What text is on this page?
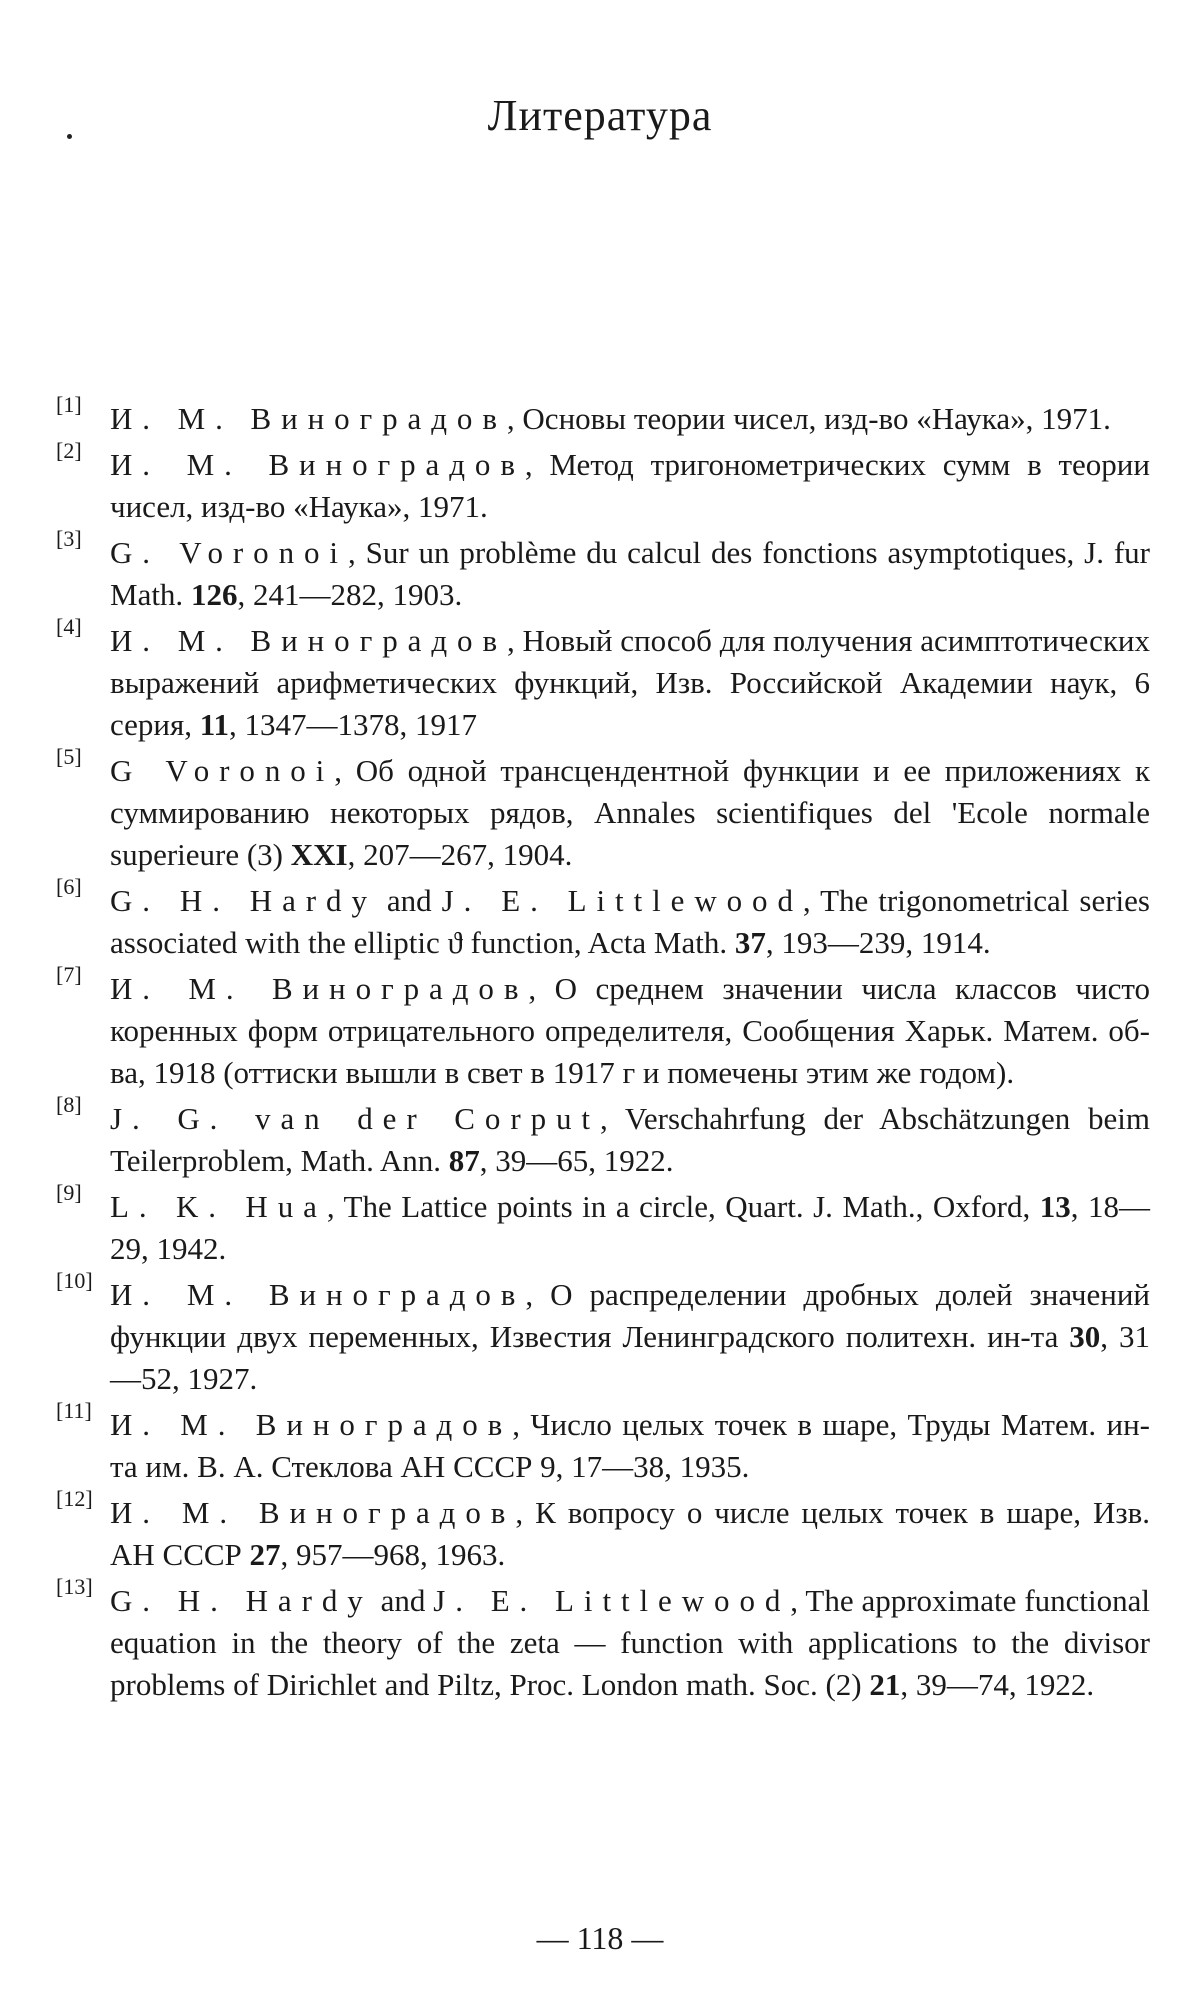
Литература
[1] И. М. Виноградов, Основы теории чисел, изд-во «Наука», 1971.
[2] И. М. Виноградов, Метод тригонометрических сумм в теории чисел, изд-во «Наука», 1971.
[3] G. Voronoi, Sur un problème du calcul des fonctions asymptotiques, J. fur Math. 126, 241—282, 1903.
[4] И. М. Виноградов, Новый способ для получения асимптотических выражений арифметических функций, Изв. Российской Академии наук, 6 серия, 11, 1347—1378, 1917
[5] G Voronoi, Об одной трансцендентной функции и ее приложениях к суммированию некоторых рядов, Annales scientifiques del 'Ecole normale superieure (3) XXI, 207—267, 1904.
[6] G. H. Hardy and J. E. Littlewood, The trigonometrical series associated with the elliptic ϑ function, Acta Math. 37, 193—239, 1914.
[7] И. М. Виноградов, О среднем значении числа классов чисто коренных форм отрицательного определителя, Сообщения Харьк. Матем. об-ва, 1918 (оттиски вышли в свет в 1917 г и помечены этим же годом).
[8] J. G. van der Corput, Verschahrfung der Abschätzungen beim Teilerproblem, Math. Ann. 87, 39—65, 1922.
[9] L. K. Hua, The Lattice points in a circle, Quart. J. Math., Oxford, 13, 18—29, 1942.
[10] И. М. Виноградов, О распределении дробных долей значений функции двух переменных, Известия Ленинградского политехн. ин-та 30, 31—52, 1927.
[11] И. М. Виноградов, Число целых точек в шаре, Труды Матем. ин-та им. В. А. Стеклова АН СССР 9, 17—38, 1935.
[12] И. М. Виноградов, К вопросу о числе целых точек в шаре, Изв. АН СССР 27, 957—968, 1963.
[13] G. H. Hardy and J. E. Littlewood, The approximate functional equation in the theory of the zeta — function with applications to the divisor problems of Dirichlet and Piltz, Proc. London math. Soc. (2) 21, 39—74, 1922.
— 118 —
